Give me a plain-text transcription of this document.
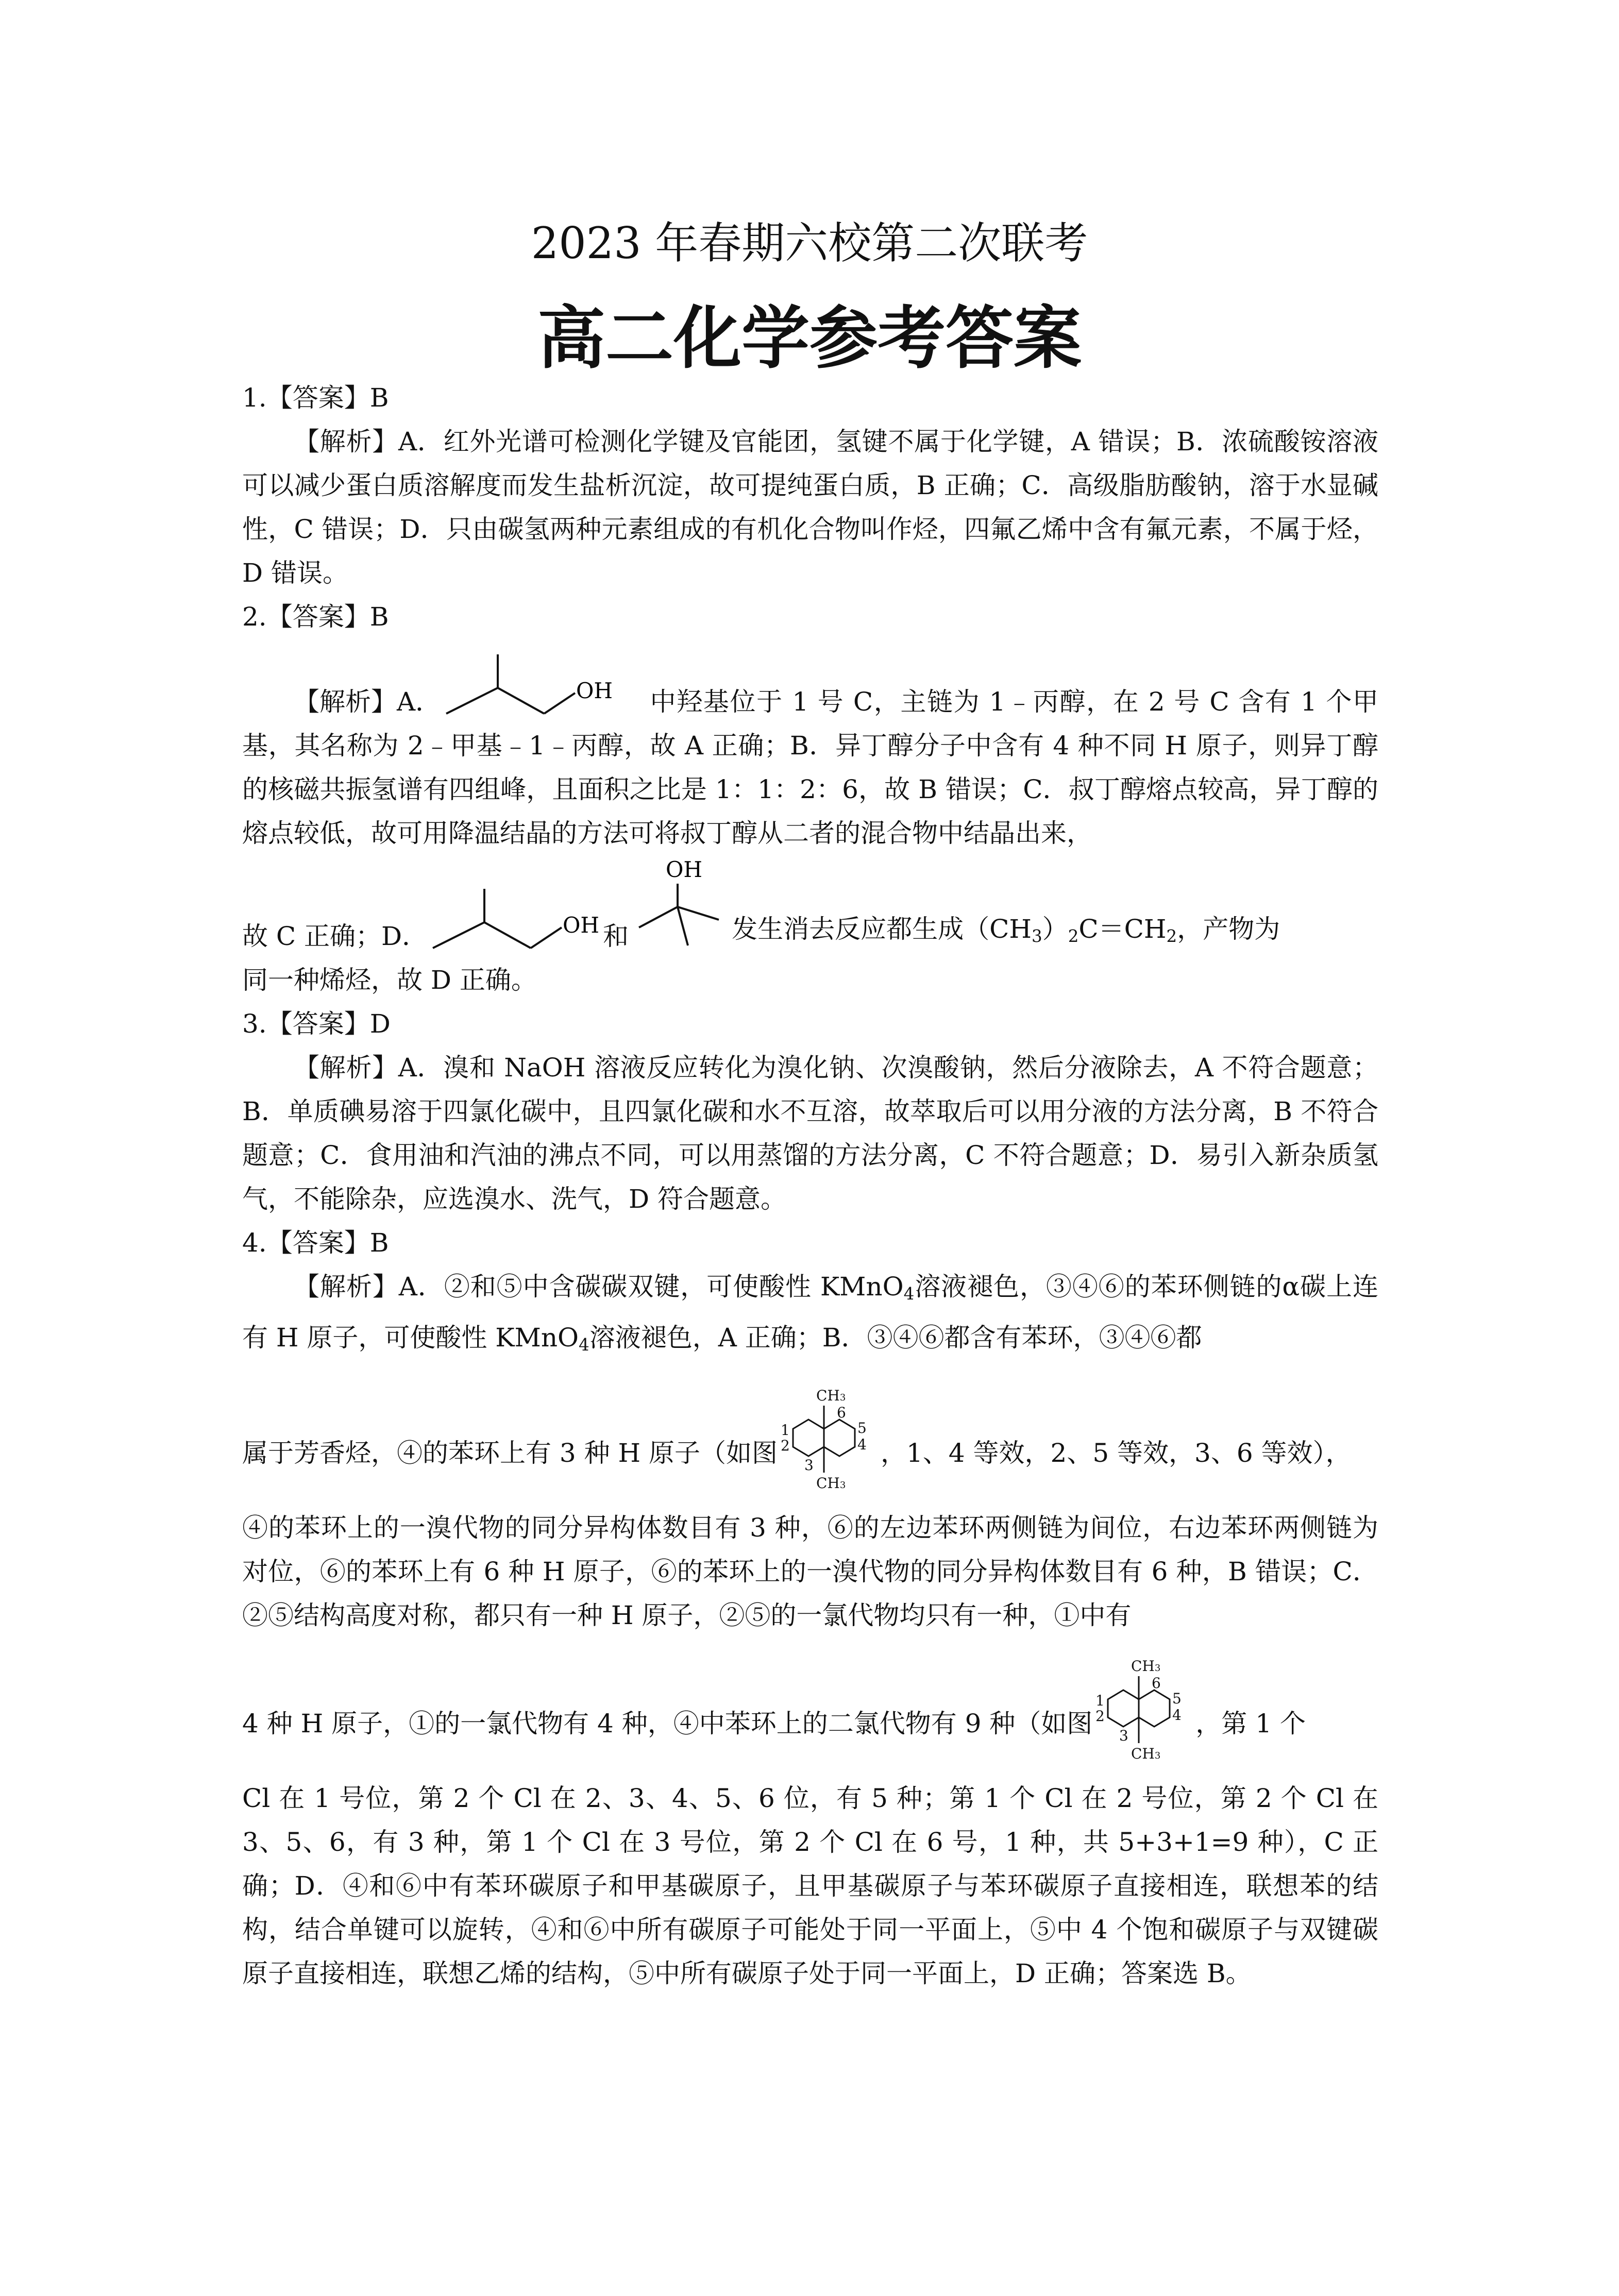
2023 年春期六校第二次联考
高二化学参考答案
1.【答案】B
【解析】A．红外光谱可检测化学键及官能团，氢键不属于化学键，A 错误；B．浓硫酸铵溶液可以减少蛋白质溶解度而发生盐析沉淀，故可提纯蛋白质，B 正确；C．高级脂肪酸钠，溶于水显碱性，C 错误；D．只由碳氢两种元素组成的有机化合物叫作烃，四氟乙烯中含有氟元素，不属于烃，D 错误。
2.【答案】B
【解析】A．	OH	中羟基位于 1 号 C，主链为 1﹣丙醇，在 2 号 C 含有 1 个甲基，其名称为 2﹣甲基﹣1﹣丙醇，故 A 正确；B．异丁醇分子中含有 4 种不同 H 原子，则异丁醇的核磁共振氢谱有四组峰，且面积之比是 1：1：2：6，故 B 错误；C．叔丁醇熔点较高，异丁醇的熔点较低，故可用降温结晶的方法可将叔丁醇从二者的混合物中结晶出来，
故 C 正确；D．	OH 和
OH
发生消去反应都生成$(CH_3)_2C=CH_2$，产物为
同一种烯烃，故 D 正确。
3.【答案】D
【解析】A．溴和 NaOH 溶液反应转化为溴化钠、次溴酸钠，然后分液除去，A 不符合题意；B．单质碘易溶于四氯化碳中，且四氯化碳和水不互溶，故萃取后可以用分液的方法分离，B 不符合题意；C．食用油和汽油的沸点不同，可以用蒸馏的方法分离，C 不符合题意；D．易引入新杂质氢气，不能除杂，应选溴水、洗气，D 符合题意。
4.【答案】B
【解析】A．②和⑤中含碳碳双键，可使酸性 KMnO$_4$溶液褪色，③④⑥的苯环侧链的α碳上连有 H 原子，可使酸性 KMnO$_4$溶液褪色，A 正确；B．③④⑥都含有苯环，③④⑥都
属于芳香烃，④的苯环上有 3 种 H 原子（如图
CH3
CH3
1
2
3
4
5
6
，1、4 等效，2、5 等效，3、6 等效），
④的苯环上的一溴代物的同分异构体数目有 3 种，⑥的左边苯环两侧链为间位，右边苯环两侧链为对位，⑥的苯环上有 6 种 H 原子，⑥的苯环上的一溴代物的同分异构体数目有 6 种，B 错误；C．②⑤结构高度对称，都只有一种 H 原子，②⑤的一氯代物均只有一种，①中有
4 种 H 原子，①的一氯代物有 4 种，④中苯环上的二氯代物有 9 种（如图
CH3
CH3
1
2
3
4
5
6
，第 1 个
Cl 在 1 号位，第 2 个 Cl 在 2、3、4、5、6 位，有 5 种；第 1 个 Cl 在 2 号位，第 2 个 Cl 在 3、5、6，有 3 种，第 1 个 Cl 在 3 号位，第 2 个 Cl 在 6 号，1 种，共 5+3+1=9 种），C 正确；D．④和⑥中有苯环碳原子和甲基碳原子，且甲基碳原子与苯环碳原子直接相连，联想苯的结构，结合单键可以旋转，④和⑥中所有碳原子可能处于同一平面上，⑤中 4 个饱和碳原子与双键碳原子直接相连，联想乙烯的结构，⑤中所有碳原子处于同一平面上，D 正确；答案选 B。
